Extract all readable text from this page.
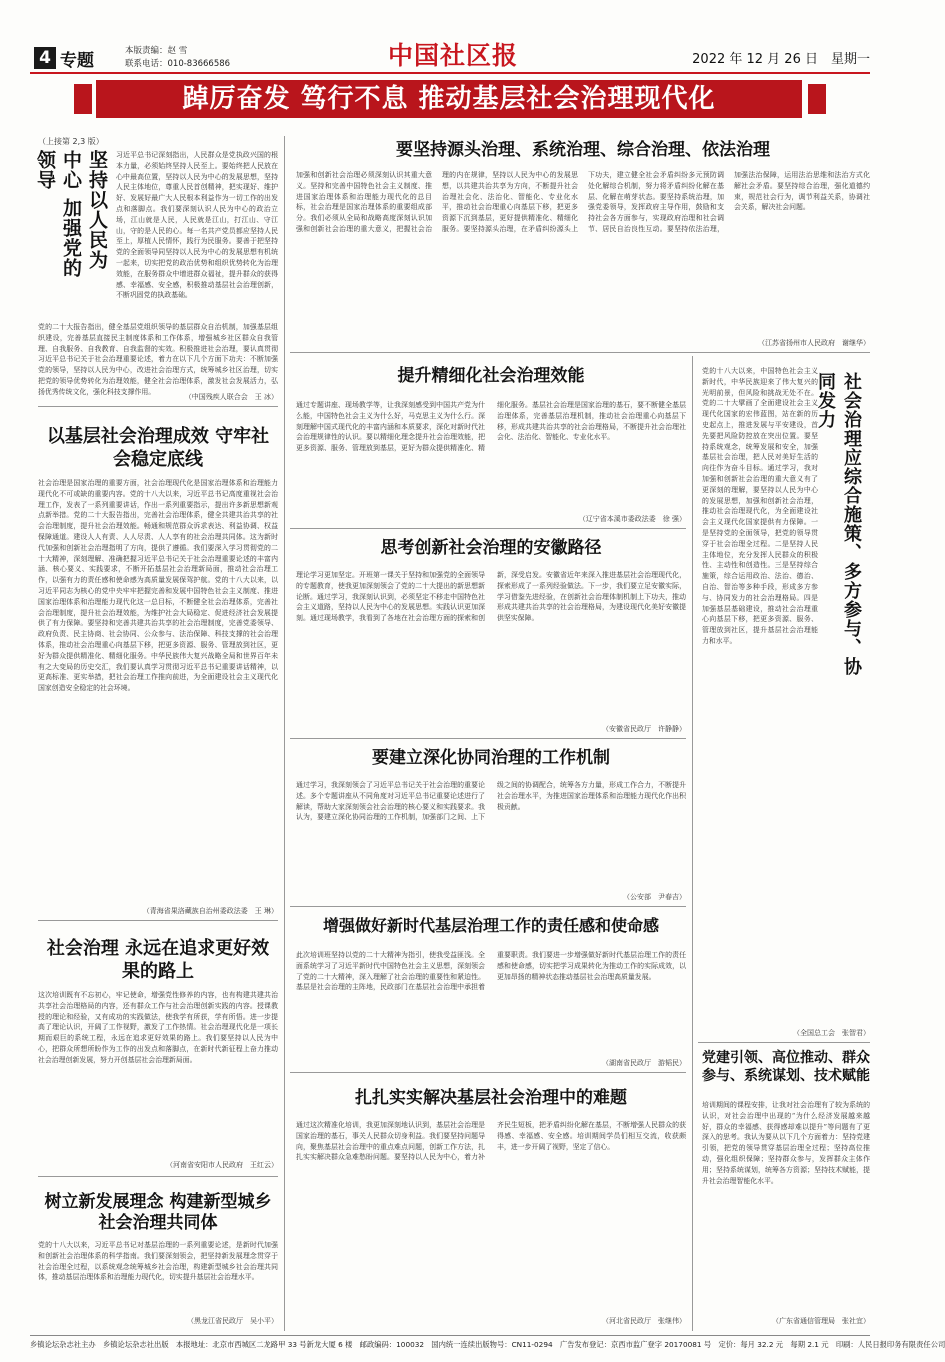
4 专题	本版责编：赵 雪
联系电话：010-83666586	中国社区报	2022 年 12 月 26 日　星期一
踔厉奋发 笃行不息 推动基层社会治理现代化
（上接第 2,3 版）
坚持以人民为中心 加强党的领导	习近平总书记深刻指出，人民群众是党执政兴国的根本力量，必须始终坚持人民至上。要始终把人民放在心中最高位置，坚持以人民为中心的发展思想，坚持人民主体地位，尊重人民首创精神，把实现好、维护好、发展好最广大人民根本利益作为一切工作的出发点和落脚点。我们要深刻认识人民为中心的政治立场，江山就是人民，人民就是江山，打江山、守江山，守的是人民的心。每一名共产党员都应坚持人民至上，厚植人民情怀，践行为民服务。要善于把坚持党的全面领导同坚持以人民为中心的发展思想有机统一起来，切实把党的政治优势和组织优势转化为治理效能，在服务群众中增进群众福祉，提升群众的获得感、幸福感、安全感，积极推动基层社会治理创新，不断巩固党的执政基础。
党的二十大报告指出，健全基层党组织领导的基层群众自治机制，加强基层组织建设，完善基层直接民主制度体系和工作体系，增强城乡社区群众自我管理、自我服务、自我教育、自我监督的实效。积极推进社会治理，要认真贯彻习近平总书记关于社会治理重要论述，着力在以下几个方面下功夫：不断加强党的领导，坚持以人民为中心，改进社会治理方式，统筹城乡社区治理，切实把党的领导优势转化为治理效能，健全社会治理体系，激发社会发展活力，弘扬优秀传统文化，强化科技支撑作用。
（中国残疾人联合会　王 冰）
以基层社会治理成效 守牢社会稳定底线
社会治理是国家治理的重要方面，社会治理现代化是国家治理体系和治理能力现代化不可或缺的重要内容。党的十八大以来，习近平总书记高度重视社会治理工作，发表了一系列重要讲话，作出一系列重要指示，提出许多新思想新观点新举措。党的二十大报告指出，完善社会治理体系，健全共建共治共享的社会治理制度，提升社会治理效能。畅通和规范群众诉求表达、利益协调、权益保障通道。建设人人有责、人人尽责、人人享有的社会治理共同体。这为新时代加强和创新社会治理指明了方向，提供了遵循。我们要深入学习贯彻党的二十大精神，深刻理解、准确把握习近平总书记关于社会治理重要论述的丰富内涵、核心要义、实践要求，不断开拓基层社会治理新局面，推动社会治理工作，以强有力的责任感和使命感为高质量发展保驾护航。党的十八大以来，以习近平同志为核心的党中央牢牢把握完善和发展中国特色社会主义制度、推进国家治理体系和治理能力现代化这一总目标，不断健全社会治理体系，完善社会治理制度，提升社会治理效能，为维护社会大局稳定、促进经济社会发展提供了有力保障。要坚持和完善共建共治共享的社会治理制度，完善党委领导、政府负责、民主协商、社会协同、公众参与、法治保障、科技支撑的社会治理体系，推动社会治理重心向基层下移，把更多资源、服务、管理放到社区，更好为群众提供精准化、精细化服务。中华民族伟大复兴战略全局和世界百年未有之大变局的历史交汇，我们要认真学习贯彻习近平总书记重要讲话精神，以更高标准、更实举措，把社会治理工作推向前进，为全面建设社会主义现代化国家创造安全稳定的社会环境。
（青海省果洛藏族自治州委政法委　王 琳）
社会治理 永远在追求更好效果的路上
这次培训既有不忘初心，牢记使命，增强党性修养的内容，也有构建共建共治共享社会治理格局的内容，还有群众工作与社会治理创新实践的内容。授课教授的理论和经验，又有成功的实践做法，使我学有所获，学有所悟。进一步提高了理论认识，开阔了工作视野，激发了工作热情。社会治理现代化是一项长期而艰巨的系统工程，永远在追求更好效果的路上。我们要坚持以人民为中心，把群众所想所盼作为工作的出发点和落脚点，在新时代新征程上奋力推动社会治理创新发展，努力开创基层社会治理新局面。
（河南省安阳市人民政府　王红云）
树立新发展理念 构建新型城乡社会治理共同体
党的十八大以来，习近平总书记对基层治理的一系列重要论述，是新时代加强和创新社会治理体系的科学指南。我们要深刻领会，把坚持新发展理念贯穿于社会治理全过程，以系统观念统筹城乡社会治理，构建新型城乡社会治理共同体，推动基层治理体系和治理能力现代化，切实提升基层社会治理水平。
（黑龙江省民政厅　吴小平）
要坚持源头治理、系统治理、综合治理、依法治理
加强和创新社会治理必须深刻认识其重大意义。坚持和完善中国特色社会主义制度、推进国家治理体系和治理能力现代化的总目标，社会治理是国家治理体系的重要组成部分。我们必须从全局和战略高度深刻认识加强和创新社会治理的重大意义，把握社会治理的内在规律，坚持以人民为中心的发展思想，以共建共治共享为方向，不断提升社会治理社会化、法治化、智能化、专业化水平，推动社会治理重心向基层下移，把更多资源下沉到基层，更好提供精准化、精细化服务。要坚持源头治理，在矛盾纠纷源头上下功夫，建立健全社会矛盾纠纷多元预防调处化解综合机制，努力将矛盾纠纷化解在基层、化解在萌芽状态。要坚持系统治理，加强党委领导，发挥政府主导作用，鼓励和支持社会各方面参与，实现政府治理和社会调节、居民自治良性互动。要坚持依法治理，加强法治保障，运用法治思维和法治方式化解社会矛盾。要坚持综合治理，强化道德约束，规范社会行为，调节利益关系，协调社会关系，解决社会问题。
（江苏省扬州市人民政府　谢继华）
提升精细化社会治理效能
通过专题讲座、现场教学等，让我深刻感受到中国共产党为什么能，中国特色社会主义为什么好，马克思主义为什么行。深刻理解中国式现代化的丰富内涵和本质要求，深化对新时代社会治理规律性的认识。要以精细化理念提升社会治理效能，把更多资源、服务、管理放到基层，更好为群众提供精准化、精细化服务。基层社会治理是国家治理的基石，要不断健全基层治理体系，完善基层治理机制，推动社会治理重心向基层下移，形成共建共治共享的社会治理格局，不断提升社会治理社会化、法治化、智能化、专业化水平。
（辽宁省本溪市委政法委　徐 强）
思考创新社会治理的安徽路径
理论学习更加坚定。开班第一课关于坚持和加强党的全面领导的专题教育，使我更加深刻领会了党的二十大提出的新思想新论断。通过学习，我深刻认识到，必须坚定不移走中国特色社会主义道路，坚持以人民为中心的发展思想。实践认识更加深刻。通过现场教学，我看到了各地在社会治理方面的探索和创新，深受启发。安徽省近年来深入推进基层社会治理现代化，探索形成了一系列经验做法。下一步，我们要立足安徽实际，学习借鉴先进经验，在创新社会治理体制机制上下功夫，推动形成共建共治共享的社会治理格局，为建设现代化美好安徽提供坚实保障。
（安徽省民政厅　许静静）
要建立深化协同治理的工作机制
通过学习，我深刻领会了习近平总书记关于社会治理的重要论述。多个专题讲座从不同角度对习近平总书记重要论述进行了解读，帮助大家深刻领会社会治理的核心要义和实践要求。我认为，要建立深化协同治理的工作机制，加强部门之间、上下级之间的协调配合，统筹各方力量，形成工作合力，不断提升社会治理水平，为推进国家治理体系和治理能力现代化作出积极贡献。
（公安部　尹春吉）
增强做好新时代基层治理工作的责任感和使命感
此次培训班坚持以党的二十大精神为指引，使我受益匪浅。全面系统学习了习近平新时代中国特色社会主义思想，深刻领会了党的二十大精神，深入理解了社会治理的重要性和紧迫性。基层是社会治理的主阵地，民政部门在基层社会治理中承担着重要职责。我们要进一步增强做好新时代基层治理工作的责任感和使命感，切实把学习成果转化为推动工作的实际成效，以更加昂扬的精神状态推动基层社会治理高质量发展。
（湖南省民政厅　游韬民）
扎扎实实解决基层社会治理中的难题
通过这次精准化培训，我更加深刻地认识到，基层社会治理是国家治理的基石，事关人民群众切身利益。我们要坚持问题导向，聚焦基层社会治理中的重点难点问题，创新工作方法，扎扎实实解决群众急难愁盼问题。要坚持以人民为中心，着力补齐民生短板，把矛盾纠纷化解在基层，不断增强人民群众的获得感、幸福感、安全感。培训期间学员们相互交流，收获颇丰，进一步开阔了视野，坚定了信心。
（河北省民政厅　张继伟）
党的十八大以来，中国特色社会主义新时代，中华民族迎来了伟大复兴的光明前景，但风险和挑战无处不在。党的二十大擘画了全面建设社会主义现代化国家的宏伟蓝图，站在新的历史起点上，推进发展与平安建设，首先要把风险防控放在突出位置。要坚持系统观念，统筹发展和安全，加强基层社会治理，把人民对美好生活的向往作为奋斗目标。通过学习，我对加强和创新社会治理的重大意义有了更深刻的理解，要坚持以人民为中心的发展思想，加强和创新社会治理，推动社会治理现代化，为全面建设社会主义现代化国家提供有力保障。一是坚持党的全面领导，把党的领导贯穿于社会治理全过程。二是坚持人民主体地位，充分发挥人民群众的积极性、主动性和创造性。三是坚持综合施策，综合运用政治、法治、德治、自治、智治等多种手段，形成多方参与、协同发力的社会治理格局。四是加强基层基础建设，推动社会治理重心向基层下移，把更多资源、服务、管理放到社区，提升基层社会治理能力和水平。	社会治理应综合施策、多方参与、协同发力
（全国总工会　张智君）
党建引领、高位推动、群众参与、系统谋划、技术赋能
培训期间的课程安排，让我对社会治理有了较为系统的认识，对社会治理中出现的“为什么经济发展越来越好，群众的幸福感、获得感却难以提升”等问题有了更深入的思考。我认为要从以下几个方面着力：坚持党建引领，把党的领导贯穿基层治理全过程；坚持高位推动，强化组织保障；坚持群众参与，发挥群众主体作用；坚持系统谋划，统筹各方资源；坚持技术赋能，提升社会治理智能化水平。
（广东省通信管理局　张社宜）
乡镇论坛杂志社主办　乡镇论坛杂志社出版　本报地址：北京市西城区二龙路甲 33 号新龙大厦 6 楼　邮政编码：100032　国内统一连续出版物号：CN11-0294　广告发布登记：京西市监广登字 20170081 号　定价：每月 32.2 元　每期 2.1 元　印刷：人民日报印务有限责任公司
